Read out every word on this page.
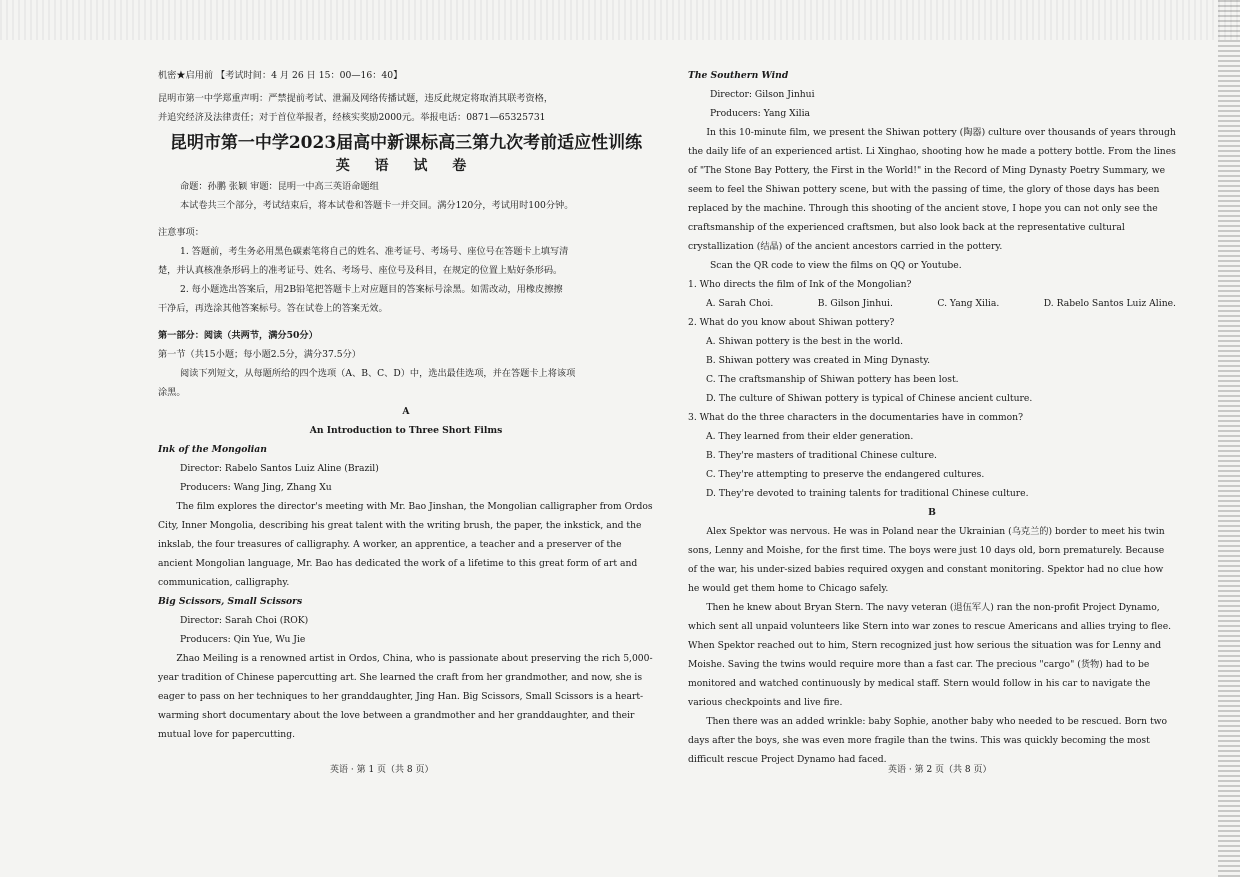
机密★启用前 【考试时间：4 月 26 日 15：00—16：40】
昆明市第一中学郑重声明：严禁提前考试、泄漏及网络传播试题，违反此规定将取消其联考资格，
并追究经济及法律责任；对于首位举报者，经核实奖励2000元。举报电话：0871—65325731
昆明市第一中学2023届高中新课标高三第九次考前适应性训练
英 语 试 卷
命题：孙鹏 张颖 审题：昆明一中高三英语命题组
本试卷共三个部分，考试结束后，将本试卷和答题卡一并交回。满分120分，考试用时100分钟。
注意事项：
1. 答题前，考生务必用黑色碳素笔将自己的姓名、准考证号、考场号、座位号在答题卡上填写清
楚，并认真核准条形码上的准考证号、姓名、考场号、座位号及科目，在规定的位置上贴好条形码。
2. 每小题选出答案后，用2B铅笔把答题卡上对应题目的答案标号涂黑。如需改动，用橡皮擦擦
干净后，再选涂其他答案标号。答在试卷上的答案无效。
第一部分：阅读（共两节，满分50分）
第一节（共15小题；每小题2.5分，满分37.5分）
阅读下列短文，从每题所给的四个选项（A、B、C、D）中，选出最佳选项，并在答题卡上将该项
涂黑。
A
An Introduction to Three Short Films
Ink of the Mongolian
Director: Rabelo Santos Luiz Aline (Brazil)
Producers: Wang Jing, Zhang Xu
The film explores the director's meeting with Mr. Bao Jinshan, the Mongolian calligrapher from Ordos City, Inner Mongolia, describing his great talent with the writing brush, the paper, the inkstick, and the inkslab, the four treasures of calligraphy. A worker, an apprentice, a teacher and a preserver of the ancient Mongolian language, Mr. Bao has dedicated the work of a lifetime to this great form of art and communication, calligraphy.
Big Scissors, Small Scissors
Director: Sarah Choi (ROK)
Producers: Qin Yue, Wu Jie
Zhao Meiling is a renowned artist in Ordos, China, who is passionate about preserving the rich 5,000-year tradition of Chinese papercutting art. She learned the craft from her grandmother, and now, she is eager to pass on her techniques to her granddaughter, Jing Han. Big Scissors, Small Scissors is a heart-warming short documentary about the love between a grandmother and her granddaughter, and their mutual love for papercutting.
英语 · 第 1 页（共 8 页）
The Southern Wind
Director: Gilson Jinhui
Producers: Yang Xilia
In this 10-minute film, we present the Shiwan pottery (陶器) culture over thousands of years through the daily life of an experienced artist. Li Xinghao, shooting how he made a pottery bottle. From the lines of "The Stone Bay Pottery, the First in the World!" in the Record of Ming Dynasty Poetry Summary, we seem to feel the Shiwan pottery scene, but with the passing of time, the glory of those days has been replaced by the machine. Through this shooting of the ancient stove, I hope you can not only see the craftsmanship of the experienced craftsmen, but also look back at the representative cultural crystallization (结晶) of the ancient ancestors carried in the pottery.
Scan the QR code to view the films on QQ or Youtube.
1. Who directs the film of Ink of the Mongolian?
A. Sarah Choi.	B. Gilson Jinhui.	C. Yang Xilia.	D. Rabelo Santos Luiz Aline.
2. What do you know about Shiwan pottery?
A. Shiwan pottery is the best in the world.
B. Shiwan pottery was created in Ming Dynasty.
C. The craftsmanship of Shiwan pottery has been lost.
D. The culture of Shiwan pottery is typical of Chinese ancient culture.
3. What do the three characters in the documentaries have in common?
A. They learned from their elder generation.
B. They're masters of traditional Chinese culture.
C. They're attempting to preserve the endangered cultures.
D. They're devoted to training talents for traditional Chinese culture.
B
Alex Spektor was nervous. He was in Poland near the Ukrainian (乌克兰的) border to meet his twin sons, Lenny and Moishe, for the first time. The boys were just 10 days old, born prematurely. Because of the war, his under-sized babies required oxygen and constant monitoring. Spektor had no clue how he would get them home to Chicago safely.
Then he knew about Bryan Stern. The navy veteran (退伍军人) ran the non-profit Project Dynamo, which sent all unpaid volunteers like Stern into war zones to rescue Americans and allies trying to flee. When Spektor reached out to him, Stern recognized just how serious the situation was for Lenny and Moishe. Saving the twins would require more than a fast car. The precious "cargo" (货物) had to be monitored and watched continuously by medical staff. Stern would follow in his car to navigate the various checkpoints and live fire.
Then there was an added wrinkle: baby Sophie, another baby who needed to be rescued. Born two days after the boys, she was even more fragile than the twins. This was quickly becoming the most difficult rescue Project Dynamo had faced.
英语 · 第 2 页（共 8 页）
